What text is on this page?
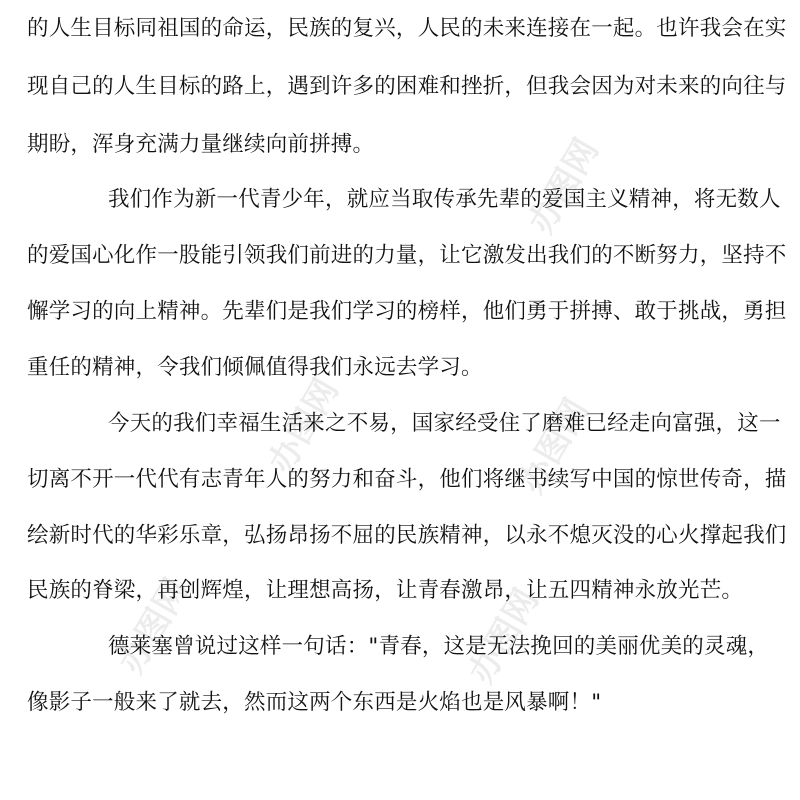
办图网
办图网	办图网
办图网	办图网
的人生目标同祖国的命运，民族的复兴，人民的未来连接在一起。也许我会在实
现自己的人生目标的路上，遇到许多的困难和挫折，但我会因为对未来的向往与
期盼，浑身充满力量继续向前拼搏。
我们作为新一代青少年，就应当取传承先辈的爱国主义精神，将无数人
的爱国心化作一股能引领我们前进的力量，让它激发出我们的不断努力，坚持不
懈学习的向上精神。先辈们是我们学习的榜样，他们勇于拼搏、敢于挑战，勇担
重任的精神，令我们倾佩值得我们永远去学习。
今天的我们幸福生活来之不易，国家经受住了磨难已经走向富强，这一
切离不开一代代有志青年人的努力和奋斗，他们将继书续写中国的惊世传奇，描
绘新时代的华彩乐章，弘扬昂扬不屈的民族精神，以永不熄灭没的心火撑起我们
民族的脊梁，再创辉煌，让理想高扬，让青春激昂，让五四精神永放光芒。
德莱塞曾说过这样一句话："青春，这是无法挽回的美丽优美的灵魂，
像影子一般来了就去，然而这两个东西是火焰也是风暴啊！"
